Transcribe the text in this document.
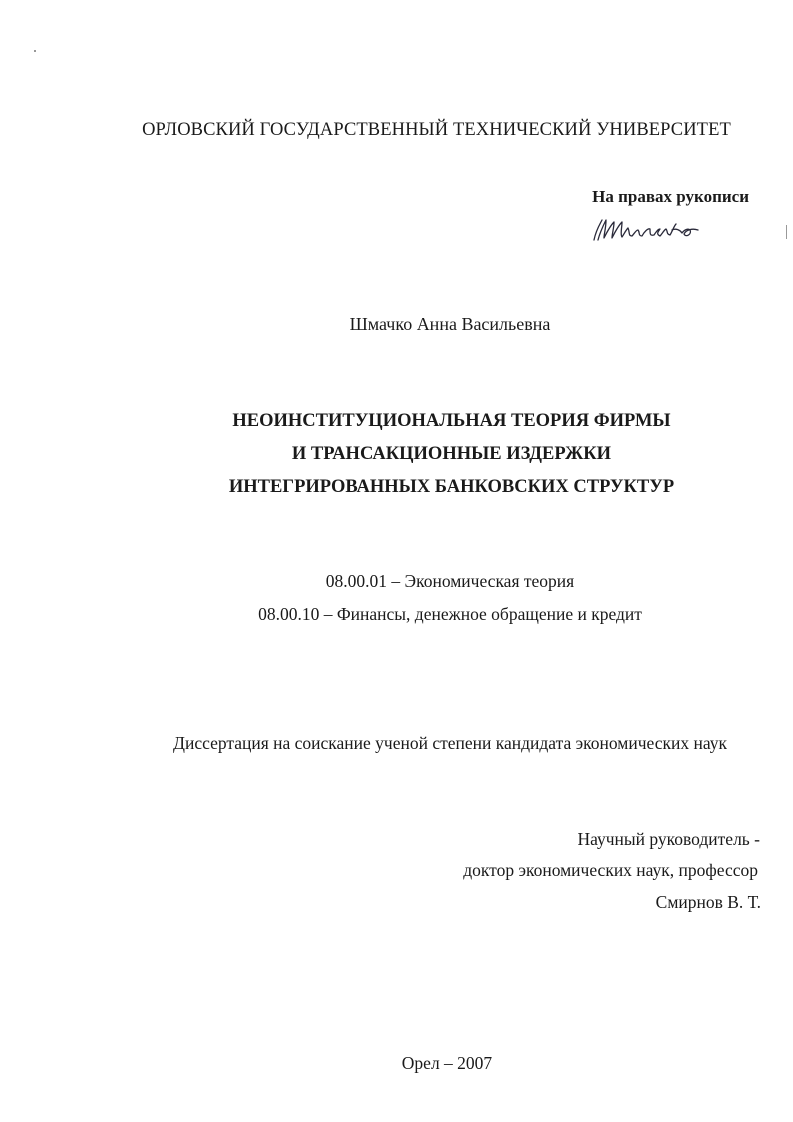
ОРЛОВСКИЙ ГОСУДАРСТВЕННЫЙ ТЕХНИЧЕСКИЙ УНИВЕРСИТЕТ
На правах рукописи
Шмачко Анна Васильевна
НЕОИНСТИТУЦИОНАЛЬНАЯ ТЕОРИЯ ФИРМЫ
И ТРАНСАКЦИОННЫЕ ИЗДЕРЖКИ
ИНТЕГРИРОВАННЫХ БАНКОВСКИХ СТРУКТУР
08.00.01 – Экономическая теория
08.00.10 – Финансы, денежное обращение и кредит
Диссертация на соискание ученой степени кандидата экономических наук
Научный руководитель -
доктор экономических наук, профессор
Смирнов В. Т.
Орел – 2007
